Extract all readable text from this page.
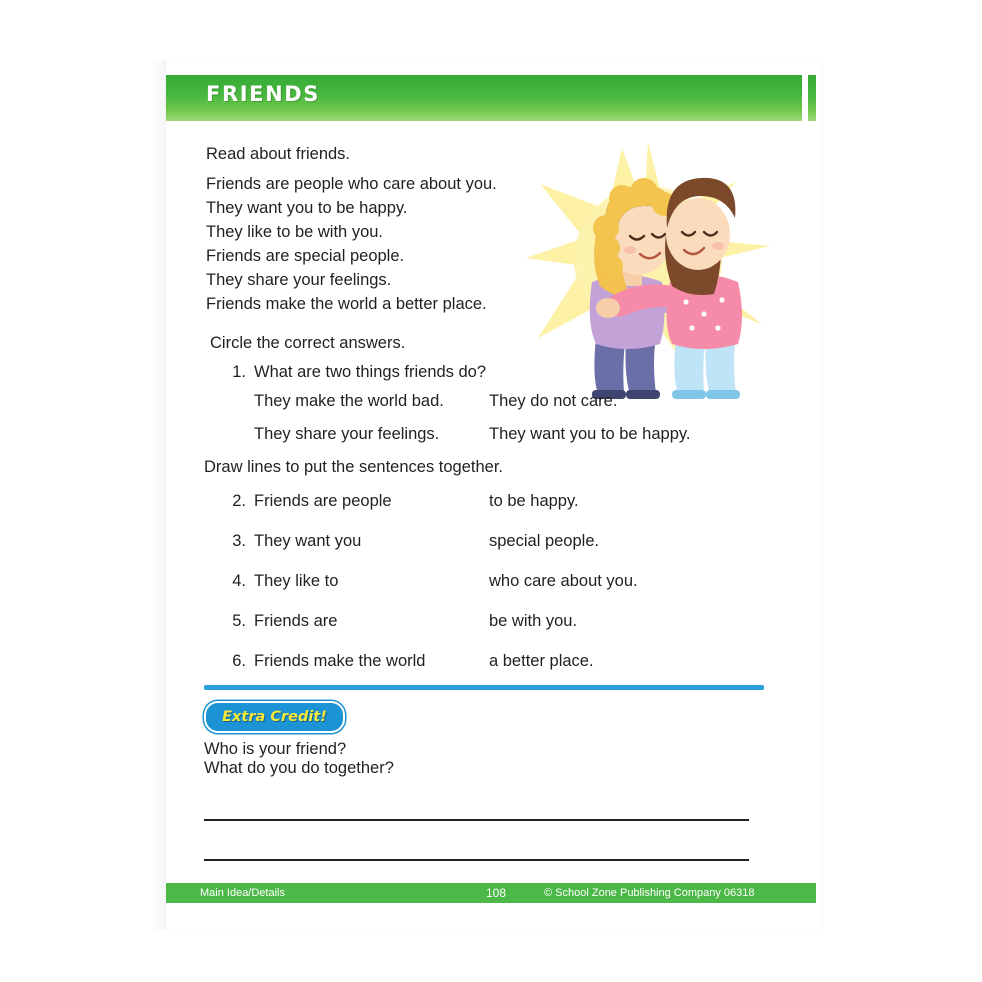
FRIENDS
Read about friends.
Friends are people who care about you.
They want you to be happy.
They like to be with you.
Friends are special people.
They share your feelings.
Friends make the world a better place.
Circle the correct answers.
1. What are two things friends do?
They make the world bad.	They do not care.
They share your feelings.	They want you to be happy.
Draw lines to put the sentences together.
2. Friends are people	to be happy.
3. They want you	special people.
4. They like to	who care about you.
5. Friends are	be with you.
6. Friends make the world	a better place.
Extra Credit!
Who is your friend?
What do you do together?
Main Idea/Details	108	© School Zone Publishing Company 06318
